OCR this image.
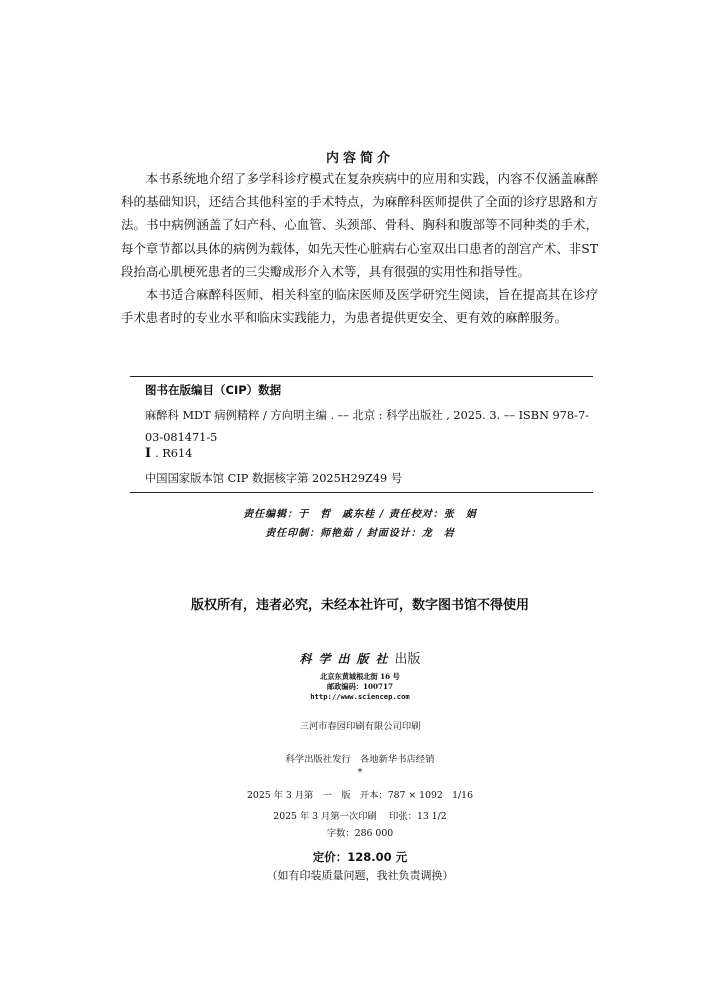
内容简介

本书系统地介绍了多学科诊疗模式在复杂疾病中的应用和实践，内容不仅涵盖麻醉科的基础知识，还结合其他科室的手术特点，为麻醉科医师提供了全面的诊疗思路和方法。书中病例涵盖了妇产科、心血管、头颈部、骨科、胸科和腹部等不同种类的手术，每个章节都以具体的病例为载体，如先天性心脏病右心室双出口患者的剖宫产术、非ST段抬高心肌梗死患者的三尖瓣成形介入术等，具有很强的实用性和指导性。

本书适合麻醉科医师、相关科室的临床医师及医学研究生阅读，旨在提高其在诊疗手术患者时的专业水平和临床实践能力，为患者提供更安全、更有效的麻醉服务。

图书在版编目（CIP）数据
麻醉科 MDT 病例精粹 / 方向明主编 . –– 北京 : 科学出版社 , 2025. 3. –– ISBN 978-7-03-081471-5
Ⅰ . R614
中国国家版本馆 CIP 数据核字第 2025H29Z49 号
责任编辑：于　哲　戚东桂 / 责任校对：张　娟
责任印制：师艳茹 / 封面设计：龙　岩
版权所有，违者必究，未经本社许可，数字图书馆不得使用
科学出版社出版
北京东黄城根北街 16 号
邮政编码：100717
http://www.sciencep.com
三河市春园印刷有限公司印刷
科学出版社发行　各地新华书店经销
*
2025 年 3 月第　一　版　开本：787 × 1092　1/16
2025 年 3 月第一次印刷　 印张：13 1/2
字数：286 000
定价：128.00 元
（如有印装质量问题，我社负责调换）
